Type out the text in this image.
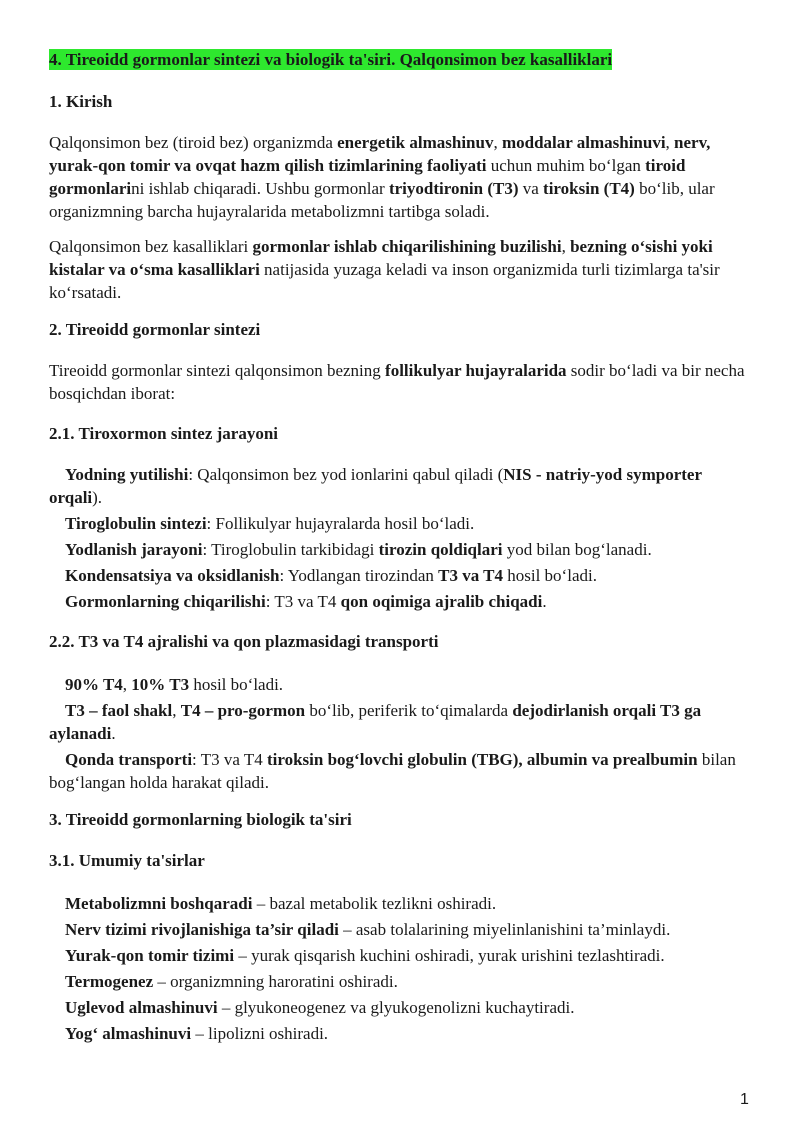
4. Tireoidd gormonlar sintezi va biologik ta'siri. Qalqonsimon bez kasalliklari
1. Kirish
Qalqonsimon bez (tiroid bez) organizmda energetik almashinuv, moddalar almashinuvi, nerv, yurak-qon tomir va ovqat hazm qilish tizimlarining faoliyati uchun muhim bo‘lgan tiroid gormonlarini ishlab chiqaradi. Ushbu gormonlar triyodtironin (T3) va tiroksin (T4) bo‘lib, ular organizmning barcha hujayralarida metabolizmni tartibga soladi.
Qalqonsimon bez kasalliklari gormonlar ishlab chiqarilishining buzilishi, bezning o‘sishi yoki kistalar va o‘sma kasalliklari natijasida yuzaga keladi va inson organizmida turli tizimlarga ta'sir ko‘rsatadi.
2. Tireoidd gormonlar sintezi
Tireoidd gormonlar sintezi qalqonsimon bezning follikulyar hujayralarida sodir bo‘ladi va bir necha bosqichdan iborat:
2.1. Tiroxormon sintez jarayoni
Yodning yutilishi: Qalqonsimon bez yod ionlarini qabul qiladi (NIS - natriy-yod symporter orqali).
Tiroglobulin sintezi: Follikulyar hujayralarda hosil bo‘ladi.
Yodlanish jarayoni: Tiroglobulin tarkibidagi tirozin qoldiqlari yod bilan bog‘lanadi.
Kondensatsiya va oksidlanish: Yodlangan tirozindan T3 va T4 hosil bo‘ladi.
Gormonlarning chiqarilishi: T3 va T4 qon oqimiga ajralib chiqadi.
2.2. T3 va T4 ajralishi va qon plazmasidagi transporti
90% T4, 10% T3 hosil bo‘ladi.
T3 – faol shakl, T4 – pro-gormon bo‘lib, periferik to‘qimalarda dejodirlanish orqali T3 ga aylanadi.
Qonda transporti: T3 va T4 tiroksin bog‘lovchi globulin (TBG), albumin va prealbumin bilan bog‘langan holda harakat qiladi.
3. Tireoidd gormonlarning biologik ta'siri
3.1. Umumiy ta'sirlar
Metabolizmni boshqaradi – bazal metabolik tezlikni oshiradi.
Nerv tizimi rivojlanishiga ta’sir qiladi – asab tolalarining miyelinlanishini ta’minlaydi.
Yurak-qon tomir tizimi – yurak qisqarish kuchini oshiradi, yurak urishini tezlashtiradi.
Termogenez – organizmning haroratini oshiradi.
Uglevod almashinuvi – glyukoneogenez va glyukogenolizni kuchaytiradi.
Yog‘ almashinuvi – lipolizni oshiradi.
1
